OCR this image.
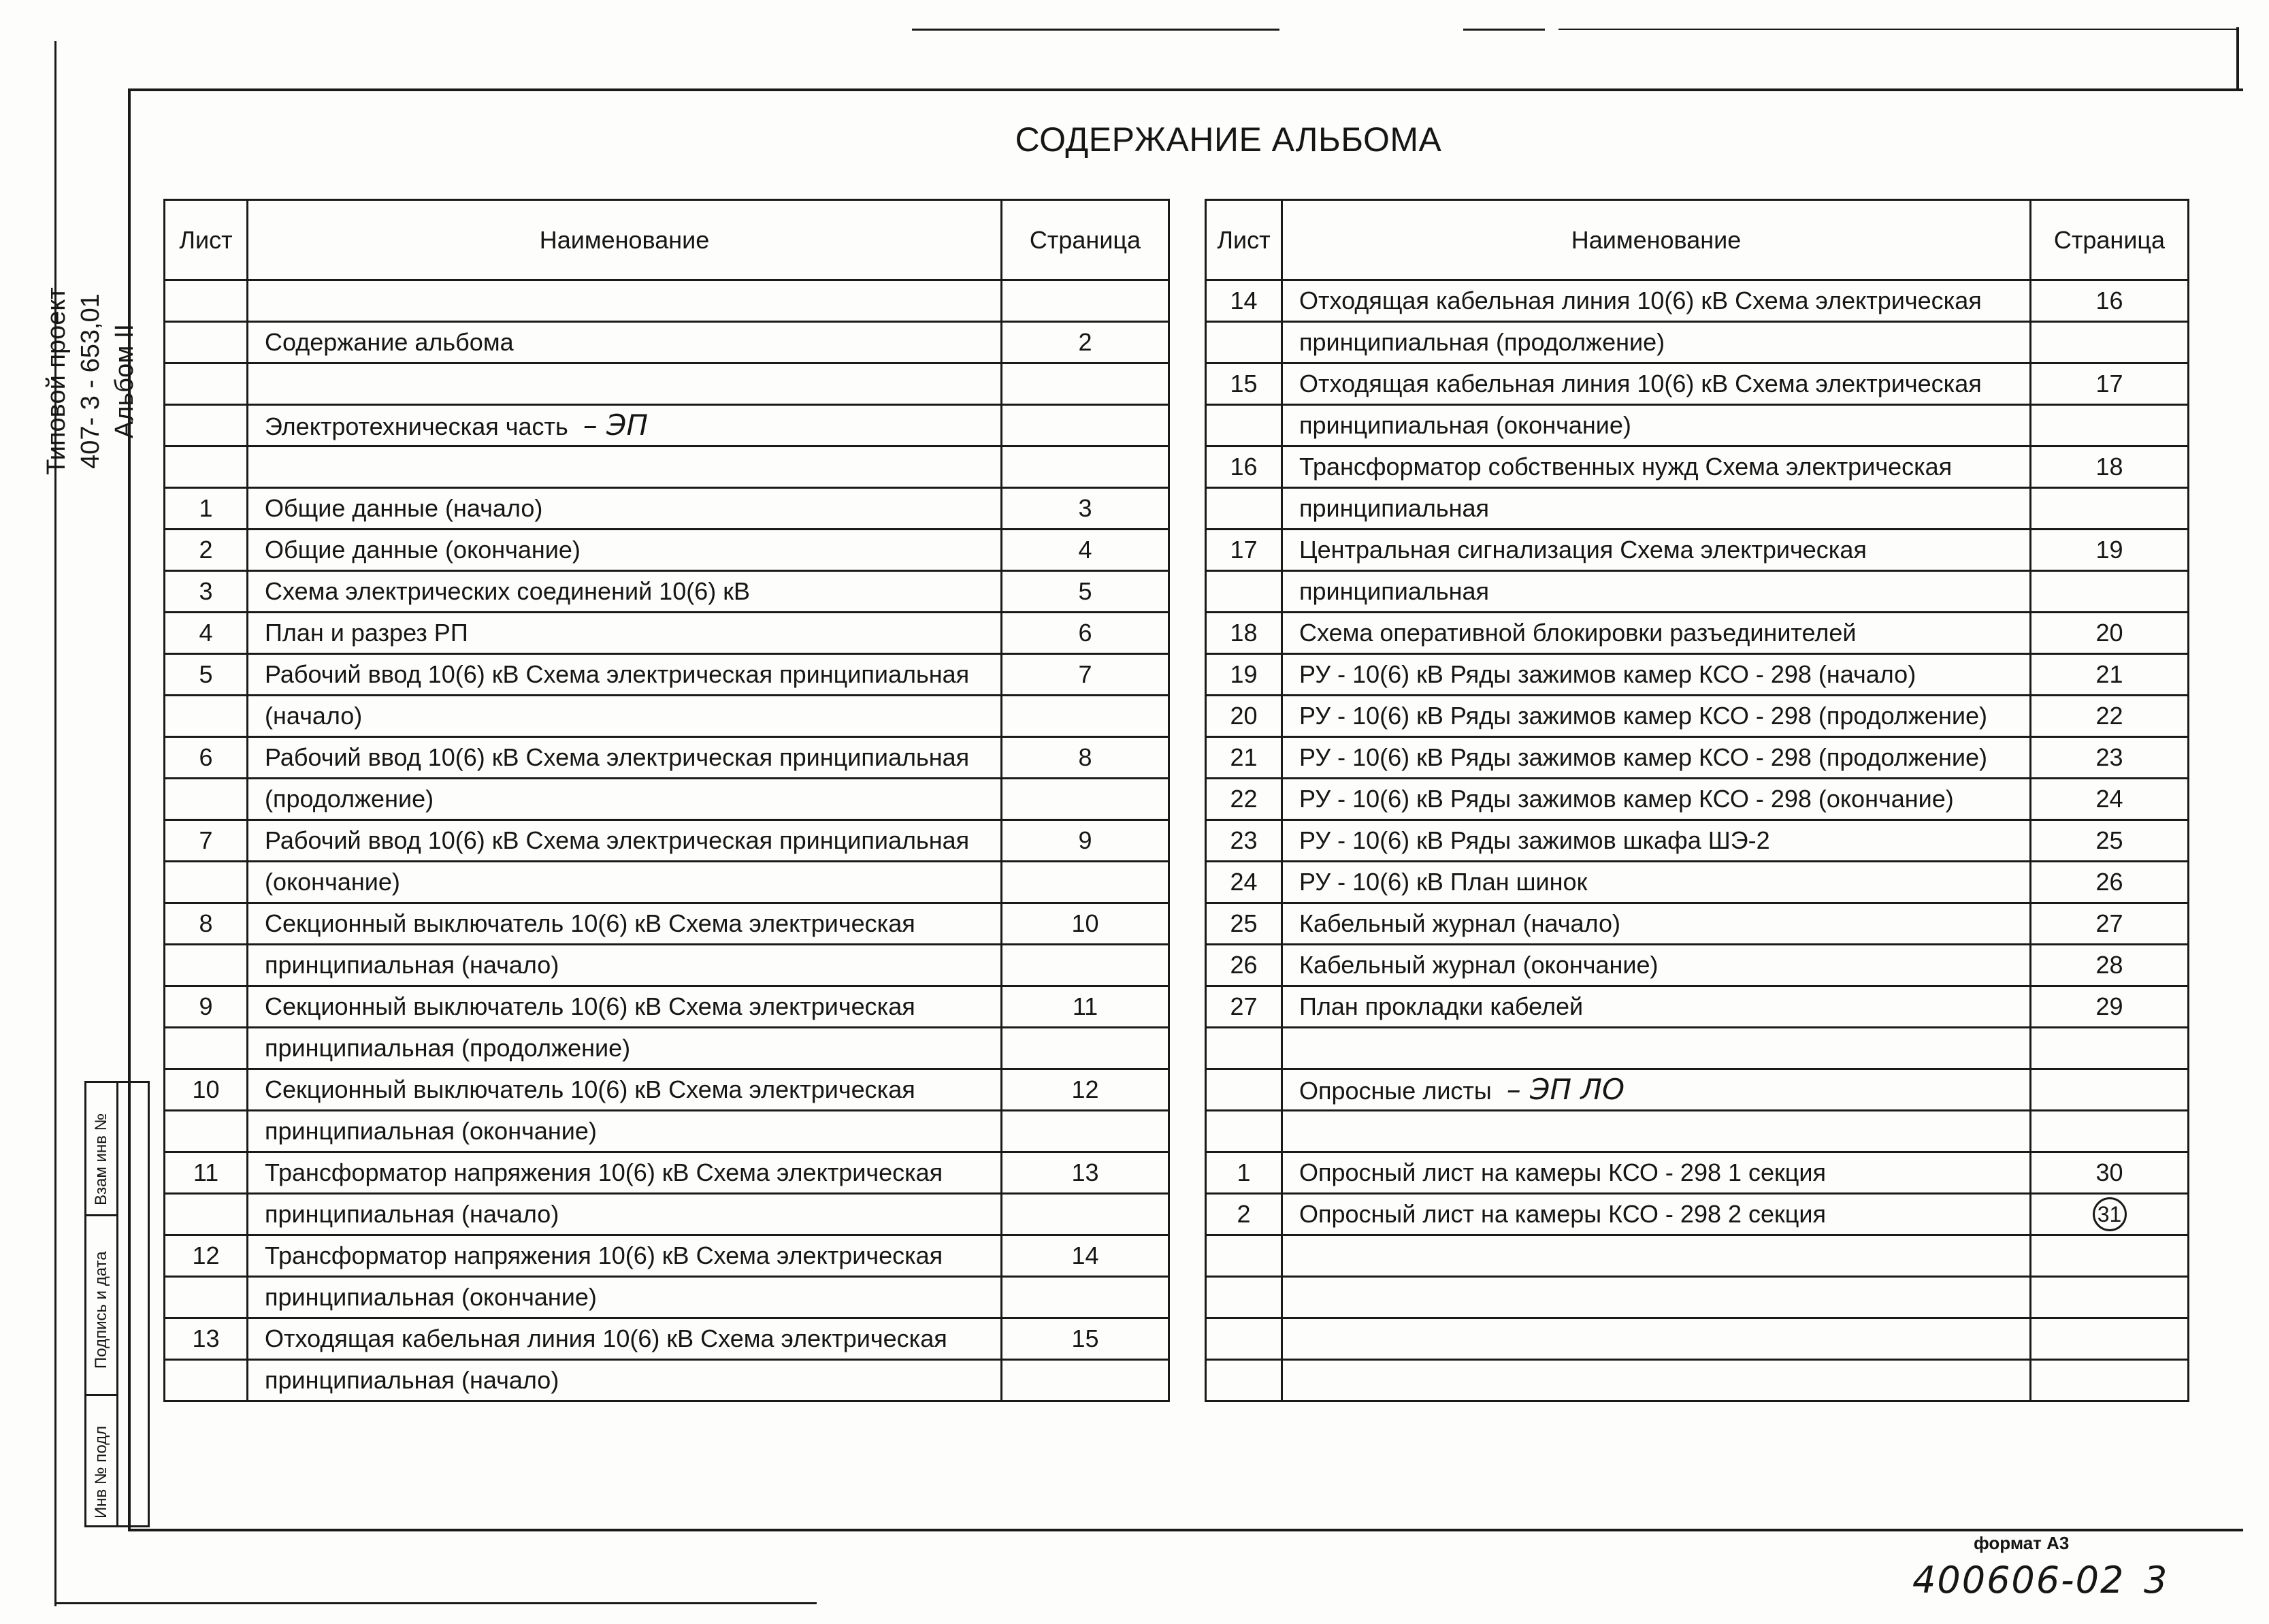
СОДЕРЖАНИЕ АЛЬБОМА
Типовой проект 407- 3 - 653,01 Альбом II
Взам инв №
Подпись и дата
Инв № подл
Лист	Наименование	Страница

	Содержание альбома	2

	Электротехническая часть – ЭП	

1	Общие данные (начало)	3
2	Общие данные (окончание)	4
3	Схема электрических соединений 10(6) кВ	5
4	План и разрез РП	6
5	Рабочий ввод 10(6) кВ Схема электрическая принципиальная	7
	(начало)	
6	Рабочий ввод 10(6) кВ Схема электрическая принципиальная	8
	(продолжение)	
7	Рабочий ввод 10(6) кВ Схема электрическая принципиальная	9
	(окончание)	
8	Секционный выключатель 10(6) кВ Схема электрическая	10
	принципиальная (начало)	
9	Секционный выключатель 10(6) кВ Схема электрическая	11
	принципиальная (продолжение)	
10	Секционный выключатель 10(6) кВ Схема электрическая	12
	принципиальная (окончание)	
11	Трансформатор напряжения 10(6) кВ Схема электрическая	13
	принципиальная (начало)	
12	Трансформатор напряжения 10(6) кВ Схема электрическая	14
	принципиальная (окончание)	
13	Отходящая кабельная линия 10(6) кВ Схема электрическая	15
	принципиальная (начало)	
Лист	Наименование	Страница
14	Отходящая кабельная линия 10(6) кВ Схема электрическая	16
	принципиальная (продолжение)	
15	Отходящая кабельная линия 10(6) кВ Схема электрическая	17
	принципиальная (окончание)	
16	Трансформатор собственных нужд Схема электрическая	18
	принципиальная	
17	Центральная сигнализация Схема электрическая	19
	принципиальная	
18	Схема оперативной блокировки разъединителей	20
19	РУ - 10(6) кВ Ряды зажимов камер КСО - 298 (начало)	21
20	РУ - 10(6) кВ Ряды зажимов камер КСО - 298 (продолжение)	22
21	РУ - 10(6) кВ Ряды зажимов камер КСО - 298 (продолжение)	23
22	РУ - 10(6) кВ Ряды зажимов камер КСО - 298 (окончание)	24
23	РУ - 10(6) кВ Ряды зажимов шкафа ШЭ-2	25
24	РУ - 10(6) кВ План шинок	26
25	Кабельный журнал (начало)	27
26	Кабельный журнал (окончание)	28
27	План прокладки кабелей	29

	Опросные листы – ЭП ЛО	

1	Опросный лист на камеры КСО - 298 1 секция	30
2	Опросный лист на камеры КСО - 298 2 секция	31

формат А3
400606-02 3
